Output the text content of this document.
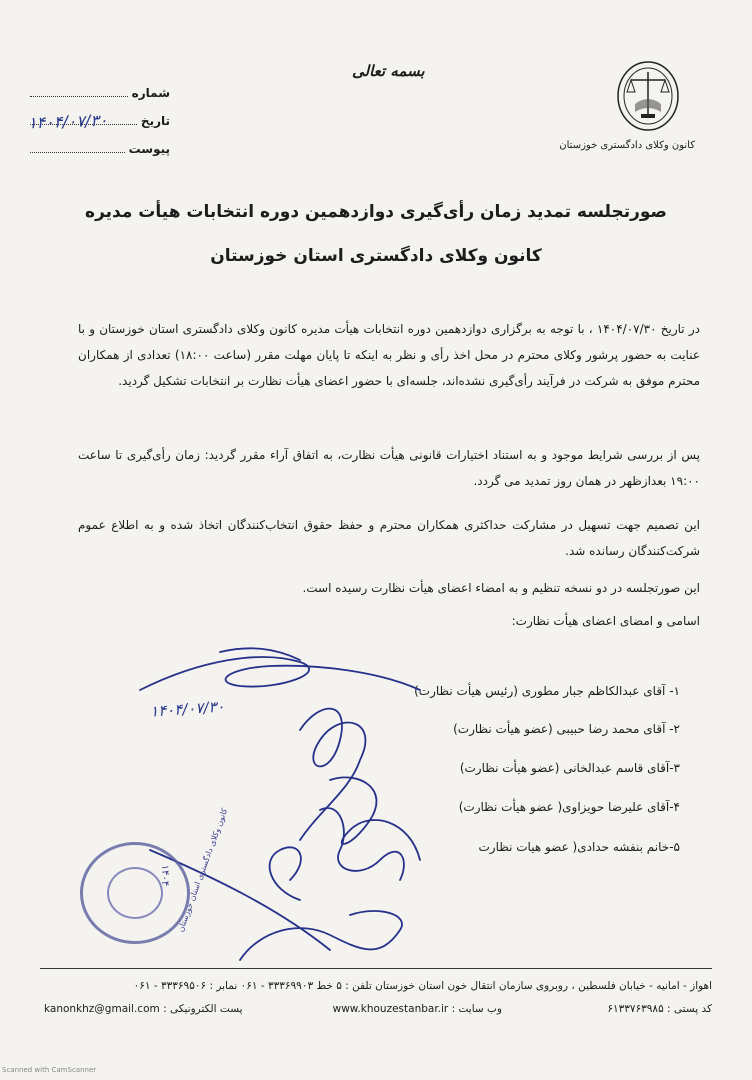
کانون وکلای دادگستری خوزستان
بسمه تعالی
شماره
تاریخ
پیوست
۱۴۰۴/۰۷/۳۰
صورتجلسه تمدید زمان رأی‌گیری دوازدهمین دوره انتخابات هیأت مدیره
کانون وکلای دادگستری استان خوزستان
در تاریخ ۱۴۰۴/۰۷/۳۰ ، با توجه به برگزاری دوازدهمین دوره انتخابات هیأت مدیره کانون وکلای دادگستری استان خوزستان و با عنایت به حضور پرشور وکلای محترم در محل اخذ رأی و نظر به اینکه تا پایان مهلت مقرر (ساعت ۱۸:۰۰) تعدادی از همکاران محترم موفق به شرکت در فرآیند رأی‌گیری نشده‌اند، جلسه‌ای با حضور اعضای هیأت نظارت بر انتخابات تشکیل گردید.
پس از بررسی شرایط موجود و به استناد اختیارات قانونی هیأت نظارت، به اتفاق آراء مقرر گردید: زمان رأی‌گیری تا ساعت ۱۹:۰۰ بعدازظهر در همان روز تمدید می گردد.
این تصمیم جهت تسهیل در مشارکت حداکثری همکاران محترم و حفظ حقوق انتخاب‌کنندگان اتخاذ شده و به اطلاع عموم شرکت‌کنندگان رسانده شد.
این صورتجلسه در دو نسخه تنظیم و به امضاء اعضای هیأت نظارت رسیده است.
اسامی و امضای اعضای هیأت نظارت:
۱- آقای عبدالکاظم جبار مطوری (رئیس هیأت نظارت)
۲- آقای محمد رضا حبیبی (عضو هیأت نظارت)
۳-آقای قاسم عبدالخانی (عضو هیأت نظارت)
۴-آقای علیرضا حویزاوی( عضو هیأت نظارت)
۵-خانم بنفشه حدادی( عضو هیات نظارت
۱۴۰۴/۰۷/۳۰
کانون وکلای دادگستری استان خوزستان
۱۴۰۴
اهواز - امانیه - خیابان فلسطین ، روبروی سازمان انتقال خون استان خوزستان تلفن : ۵ خط ۳۳۳۶۹۹۰۳ - ۰۶۱ نمابر : ۳۳۳۶۹۵۰۶ - ۰۶۱
کد پستی : ۶۱۳۳۷۶۳۹۸۵
وب سایت : www.khouzestanbar.ir
پست الکترونیکی : kanonkhz@gmail.com
Scanned with CamScanner
